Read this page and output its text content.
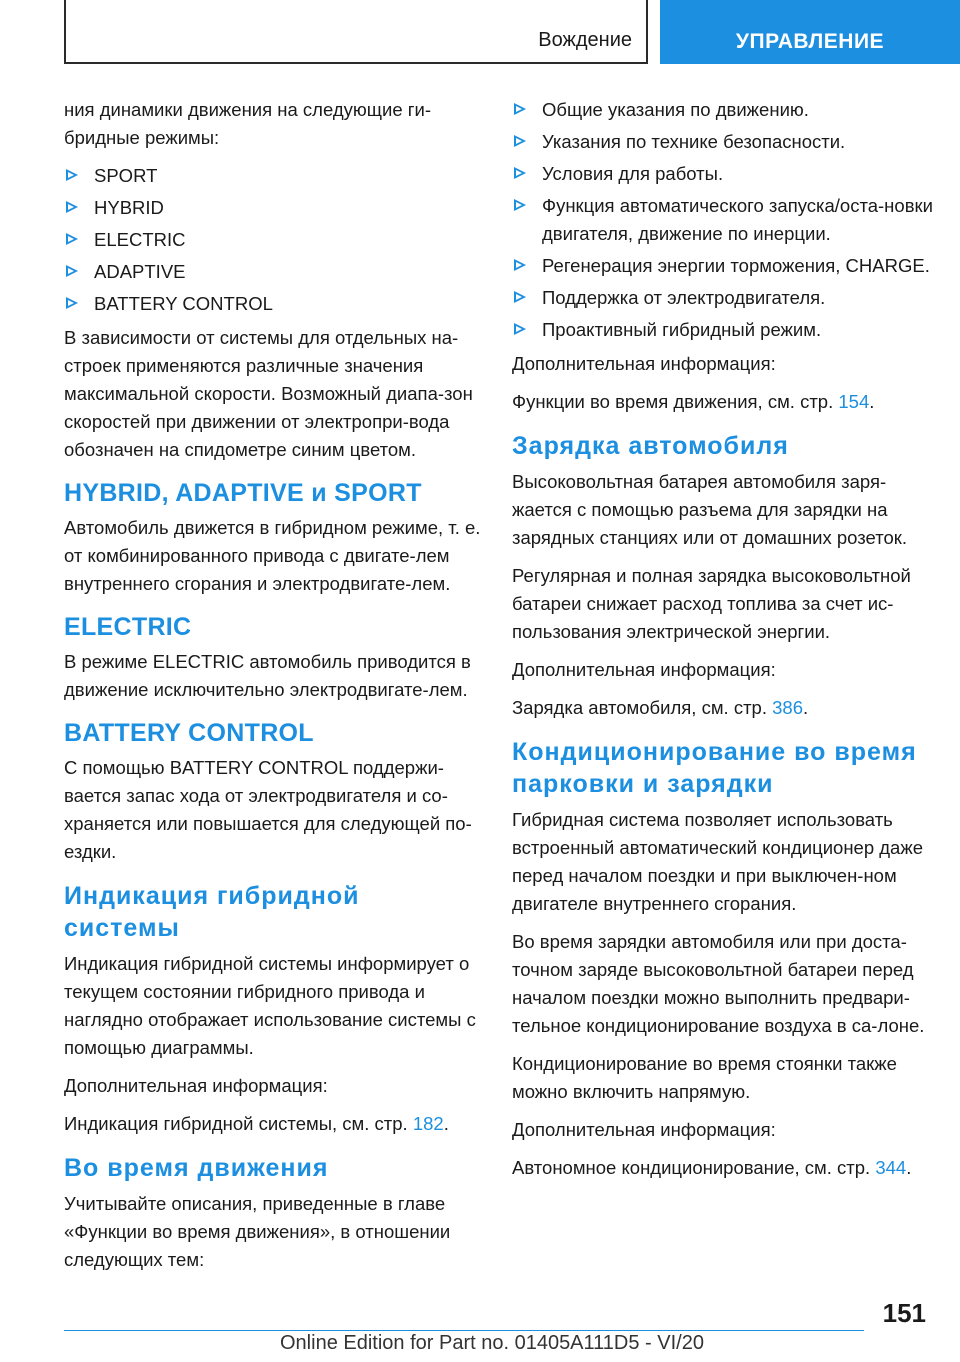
Вождение	УПРАВЛЕНИЕ

ния динамики движения на следующие ги-бридные режимы:

SPORT
HYBRID
ELECTRIC
ADAPTIVE
BATTERY CONTROL

В зависимости от системы для отдельных на-строек применяются различные значения максимальной скорости. Возможный диапа-зон скоростей при движении от электропри-вода обозначен на спидометре синим цветом.

HYBRID, ADAPTIVE и SPORT

Автомобиль движется в гибридном режиме, т. е. от комбинированного привода с двигате-лем внутреннего сгорания и электродвигате-лем.

ELECTRIC

В режиме ELECTRIC автомобиль приводится в движение исключительно электродвигате-лем.

BATTERY CONTROL

С помощью BATTERY CONTROL поддержи-вается запас хода от электродвигателя и со-храняется или повышается для следующей по-ездки.

Индикация гибридной системы

Индикация гибридной системы информирует о текущем состоянии гибридного привода и наглядно отображает использование системы с помощью диаграммы.

Дополнительная информация:

Индикация гибридной системы, см. стр. 182.

Во время движения

Учитывайте описания, приведенные в главе «Функции во время движения», в отношении следующих тем:

Общие указания по движению.
Указания по технике безопасности.
Условия для работы.
Функция автоматического запуска/оста-новки двигателя, движение по инерции.
Регенерация энергии торможения, CHARGE.
Поддержка от электродвигателя.
Проактивный гибридный режим.

Дополнительная информация:

Функции во время движения, см. стр. 154.

Зарядка автомобиля

Высоковольтная батарея автомобиля заря-жается с помощью разъема для зарядки на зарядных станциях или от домашних розеток.

Регулярная и полная зарядка высоковольтной батареи снижает расход топлива за счет ис-пользования электрической энергии.

Дополнительная информация:

Зарядка автомобиля, см. стр. 386.

Кондиционирование во время парковки и зарядки

Гибридная система позволяет использовать встроенный автоматический кондиционер даже перед началом поездки и при выключен-ном двигателе внутреннего сгорания.

Во время зарядки автомобиля или при доста-точном заряде высоковольтной батареи перед началом поездки можно выполнить предвари-тельное кондиционирование воздуха в са-лоне.

Кондиционирование во время стоянки также можно включить напрямую.

Дополнительная информация:

Автономное кондиционирование, см. стр. 344.

151
Online Edition for Part no. 01405A111D5 - VI/20
